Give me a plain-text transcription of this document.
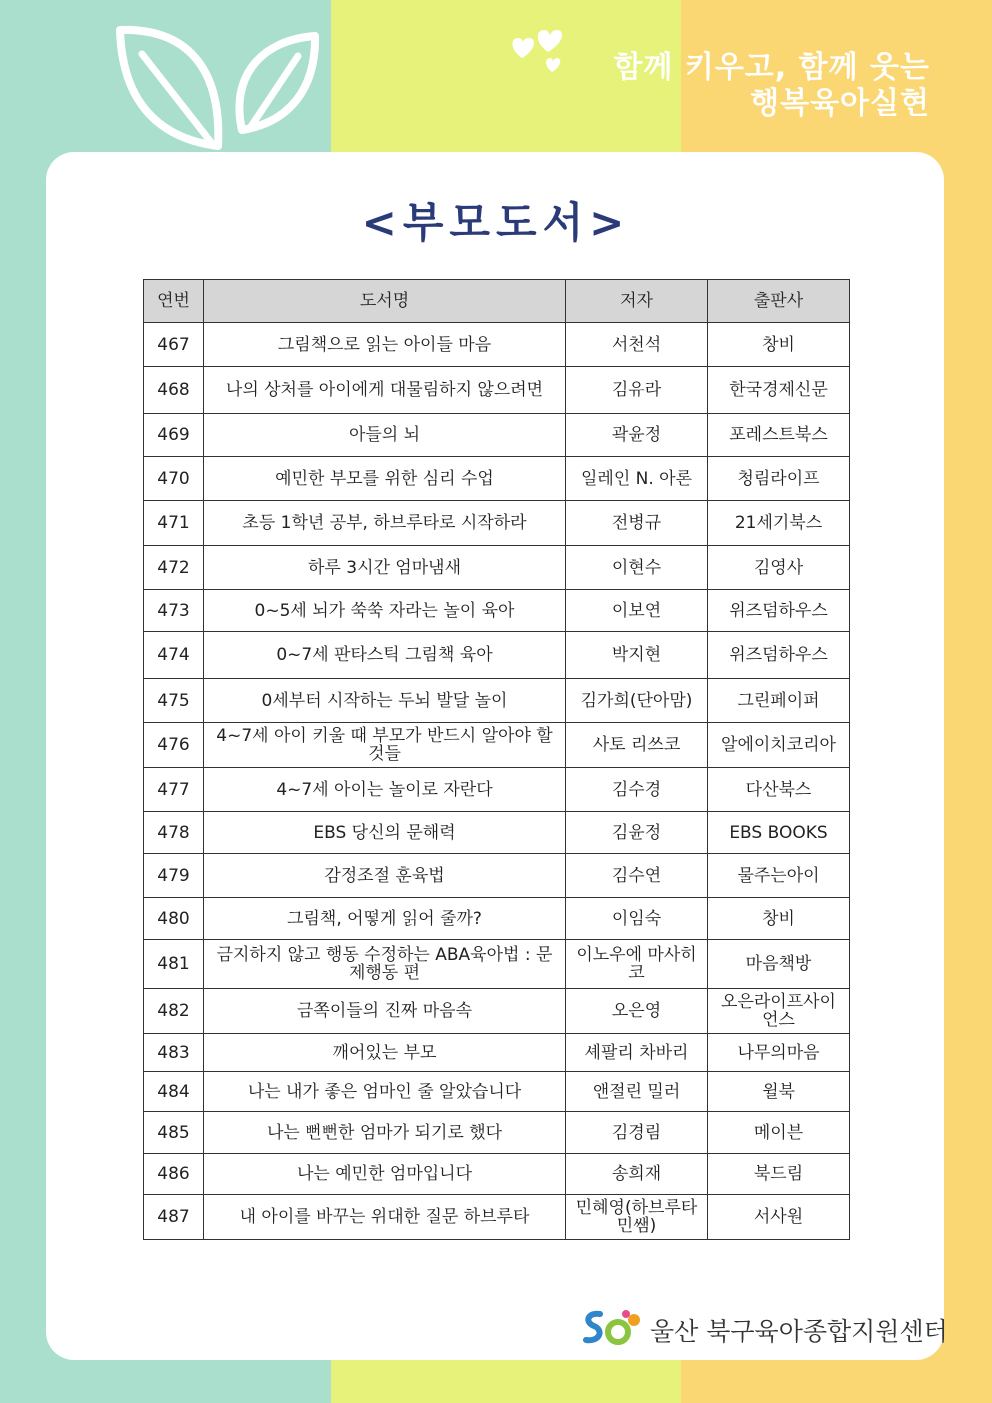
함께 키우고, 함께 웃는
행복육아실현
<부모도서>
연번	도서명	저자	출판사
467	그림책으로 읽는 아이들 마음	서천석	창비
468	나의 상처를 아이에게 대물림하지 않으려면	김유라	한국경제신문
469	아들의 뇌	곽윤정	포레스트북스
470	예민한 부모를 위한 심리 수업	일레인 N. 아론	청림라이프
471	초등 1학년 공부, 하브루타로 시작하라	전병규	21세기북스
472	하루 3시간 엄마냄새	이현수	김영사
473	0~5세 뇌가 쑥쑥 자라는 놀이 육아	이보연	위즈덤하우스
474	0~7세 판타스틱 그림책 육아	박지현	위즈덤하우스
475	0세부터 시작하는 두뇌 발달 놀이	김가희(단아맘)	그린페이퍼
476	4~7세 아이 키울 때 부모가 반드시 알아야 할 것들	사토 리쓰코	알에이치코리아
477	4~7세 아이는 놀이로 자란다	김수경	다산북스
478	EBS 당신의 문해력	김윤정	EBS BOOKS
479	감정조절 훈육법	김수연	물주는아이
480	그림책, 어떻게 읽어 줄까?	이임숙	창비
481	금지하지 않고 행동 수정하는 ABA육아법 : 문제행동 편	이노우에 마사히코	마음책방
482	금쪽이들의 진짜 마음속	오은영	오은라이프사이언스
483	깨어있는 부모	셰팔리 차바리	나무의마음
484	나는 내가 좋은 엄마인 줄 알았습니다	앤절린 밀러	윌북
485	나는 뻔뻔한 엄마가 되기로 했다	김경림	메이븐
486	나는 예민한 엄마입니다	송희재	북드림
487	내 아이를 바꾸는 위대한 질문 하브루타	민혜영(하브루타 민쌤)	서사원
울산 북구육아종합지원센터
